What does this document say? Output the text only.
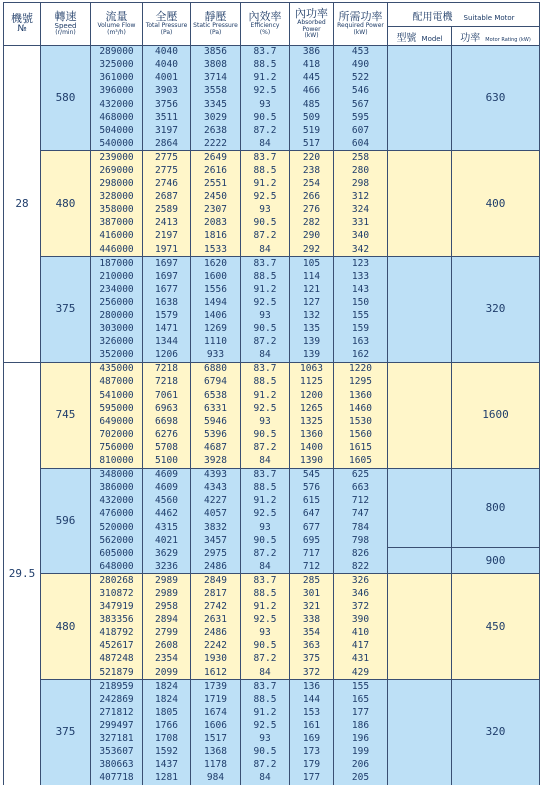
機號
№	轉速
Speed
(r/min)	流量
Volume Flow
(m³/h)	全壓
Total Pressure
(Pa)	靜壓
Static Pressure
(Pa)	內效率
Efficiency
(%)	內功率
Absorbed Power
(kW)	所需功率
Required Power
(kW)	配用電機 Suitable Motor	
								型號 Model	功率 Motor Rating (kW)
28	580	289000	4040	3856	83.7	386	453		630
		325000	4040	3808	88.5	418	490		
		361000	4001	3714	91.2	445	522		
		396000	3903	3558	92.5	466	546		
		432000	3756	3345	93	485	567		
		468000	3511	3029	90.5	509	595		
		504000	3197	2638	87.2	519	607		
		540000	2864	2222	84	517	604		
	480	239000	2775	2649	83.7	220	258		400
		269000	2775	2616	88.5	238	280		
		298000	2746	2551	91.2	254	298		
		328000	2687	2450	92.5	266	312		
		358000	2589	2307	93	276	324		
		387000	2413	2083	90.5	282	331		
		416000	2197	1816	87.2	290	340		
		446000	1971	1533	84	292	342		
	375	187000	1697	1620	83.7	105	123		320
		210000	1697	1600	88.5	114	133		
		234000	1677	1556	91.2	121	143		
		256000	1638	1494	92.5	127	150		
		280000	1579	1406	93	132	155		
		303000	1471	1269	90.5	135	159		
		326000	1344	1110	87.2	139	163		
		352000	1206	933	84	139	162		
29.5	745	435000	7218	6880	83.7	1063	1220		1600
		487000	7218	6794	88.5	1125	1295		
		541000	7061	6538	91.2	1200	1360		
		595000	6963	6331	92.5	1265	1460		
		649000	6698	5946	93	1325	1530		
		702000	6276	5396	90.5	1360	1560		
		756000	5708	4687	87.2	1400	1615		
		810000	5100	3928	84	1390	1605		
	596	348000	4609	4393	83.7	545	625		800
		386000	4609	4343	88.5	576	663		
		432000	4560	4227	91.2	615	712		
		476000	4462	4057	92.5	647	747		
		520000	4315	3832	93	677	784		
		562000	4021	3457	90.5	695	798		
		605000	3629	2975	87.2	717	826		900
		648000	3236	2486	84	712	822		
	480	280268	2989	2849	83.7	285	326		450
		310872	2989	2817	88.5	301	346		
		347919	2958	2742	91.2	321	372		
		383356	2894	2631	92.5	338	390		
		418792	2799	2486	93	354	410		
		452617	2608	2242	90.5	363	417		
		487248	2354	1930	87.2	375	431		
		521879	2099	1612	84	372	429		
	375	218959	1824	1739	83.7	136	155		320
		242869	1824	1719	88.5	144	165		
		271812	1805	1674	91.2	153	177		
		299497	1766	1606	92.5	161	186		
		327181	1708	1517	93	169	196		
		353607	1592	1368	90.5	173	199		
		380663	1437	1178	87.2	179	206		
		407718	1281	984	84	177	205		
